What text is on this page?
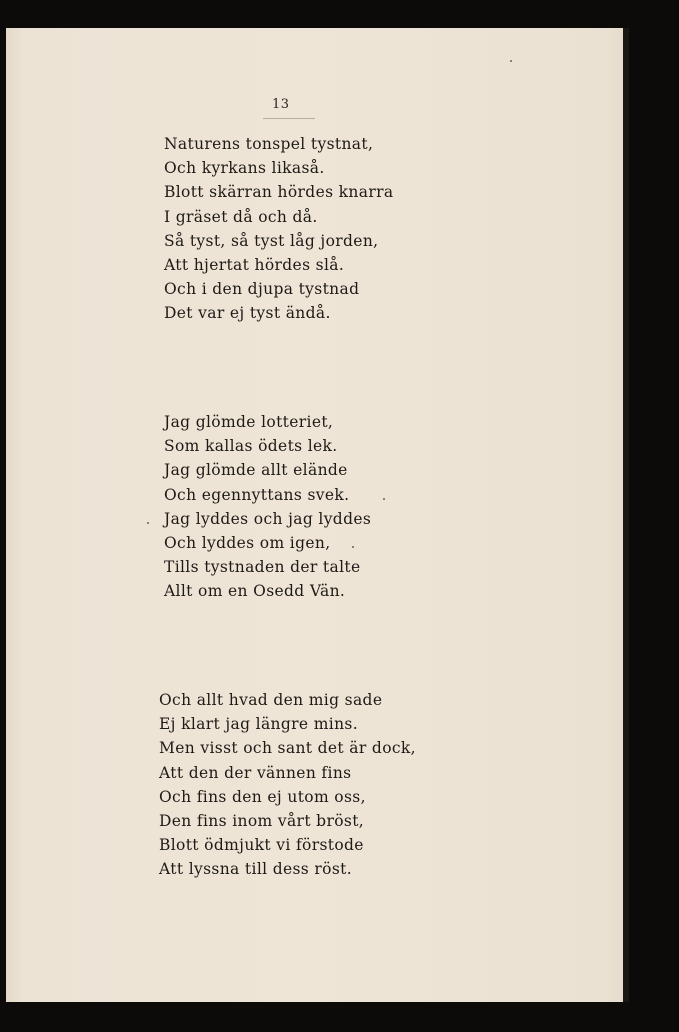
13
Naturens tonspel tystnat,
Och kyrkans likaså.
Blott skärran hördes knarra
I gräset då och då.
Så tyst, så tyst låg jorden,
Att hjertat hördes slå.
Och i den djupa tystnad
Det var ej tyst ändå.
Jag glömde lotteriet,
Som kallas ödets lek.
Jag glömde allt elände
Och egennyttans svek.
Jag lyddes och jag lyddes
Och lyddes om igen,
Tills tystnaden der talte
Allt om en Osedd Vän.
Och allt hvad den mig sade
Ej klart jag längre mins.
Men visst och sant det är dock,
Att den der vännen fins
Och fins den ej utom oss,
Den fins inom vårt bröst,
Blott ödmjukt vi förstode
Att lyssna till dess röst.
